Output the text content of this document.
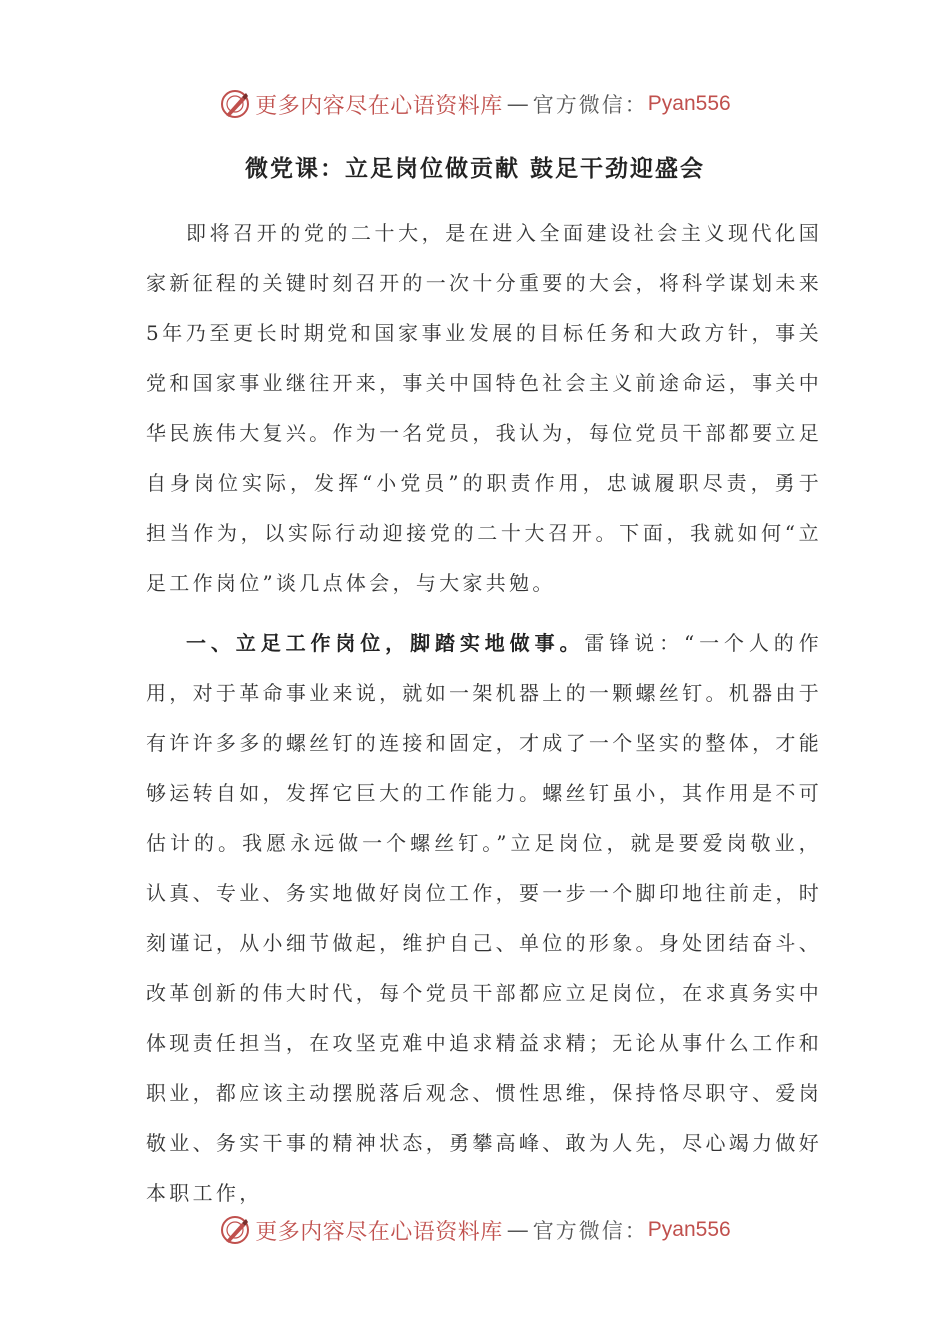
更多内容尽在心语资料库 — 官方微信： Pyan556
微党课：立足岗位做贡献 鼓足干劲迎盛会

即将召开的党的二十大，是在进入全面建设社会主义现代化国家新征程的关键时刻召开的一次十分重要的大会，将科学谋划未来5年乃至更长时期党和国家事业发展的目标任务和大政方针，事关党和国家事业继往开来，事关中国特色社会主义前途命运，事关中华民族伟大复兴。作为一名党员，我认为，每位党员干部都要立足自身岗位实际，发挥“小党员”的职责作用，忠诚履职尽责，勇于担当作为，以实际行动迎接党的二十大召开。下面，我就如何“立足工作岗位”谈几点体会，与大家共勉。

一、立足工作岗位，脚踏实地做事。雷锋说：“一个人的作用，对于革命事业来说，就如一架机器上的一颗螺丝钉。机器由于有许许多多的螺丝钉的连接和固定，才成了一个坚实的整体，才能够运转自如，发挥它巨大的工作能力。螺丝钉虽小，其作用是不可估计的。我愿永远做一个螺丝钉。”立足岗位，就是要爱岗敬业，认真、专业、务实地做好岗位工作，要一步一个脚印地往前走，时刻谨记，从小细节做起，维护自己、单位的形象。身处团结奋斗、改革创新的伟大时代，每个党员干部都应立足岗位，在求真务实中体现责任担当，在攻坚克难中追求精益求精；无论从事什么工作和职业，都应该主动摆脱落后观念、惯性思维，保持恪尽职守、爱岗敬业、务实干事的精神状态，勇攀高峰、敢为人先，尽心竭力做好本职工作，

更多内容尽在心语资料库 — 官方微信： Pyan556
